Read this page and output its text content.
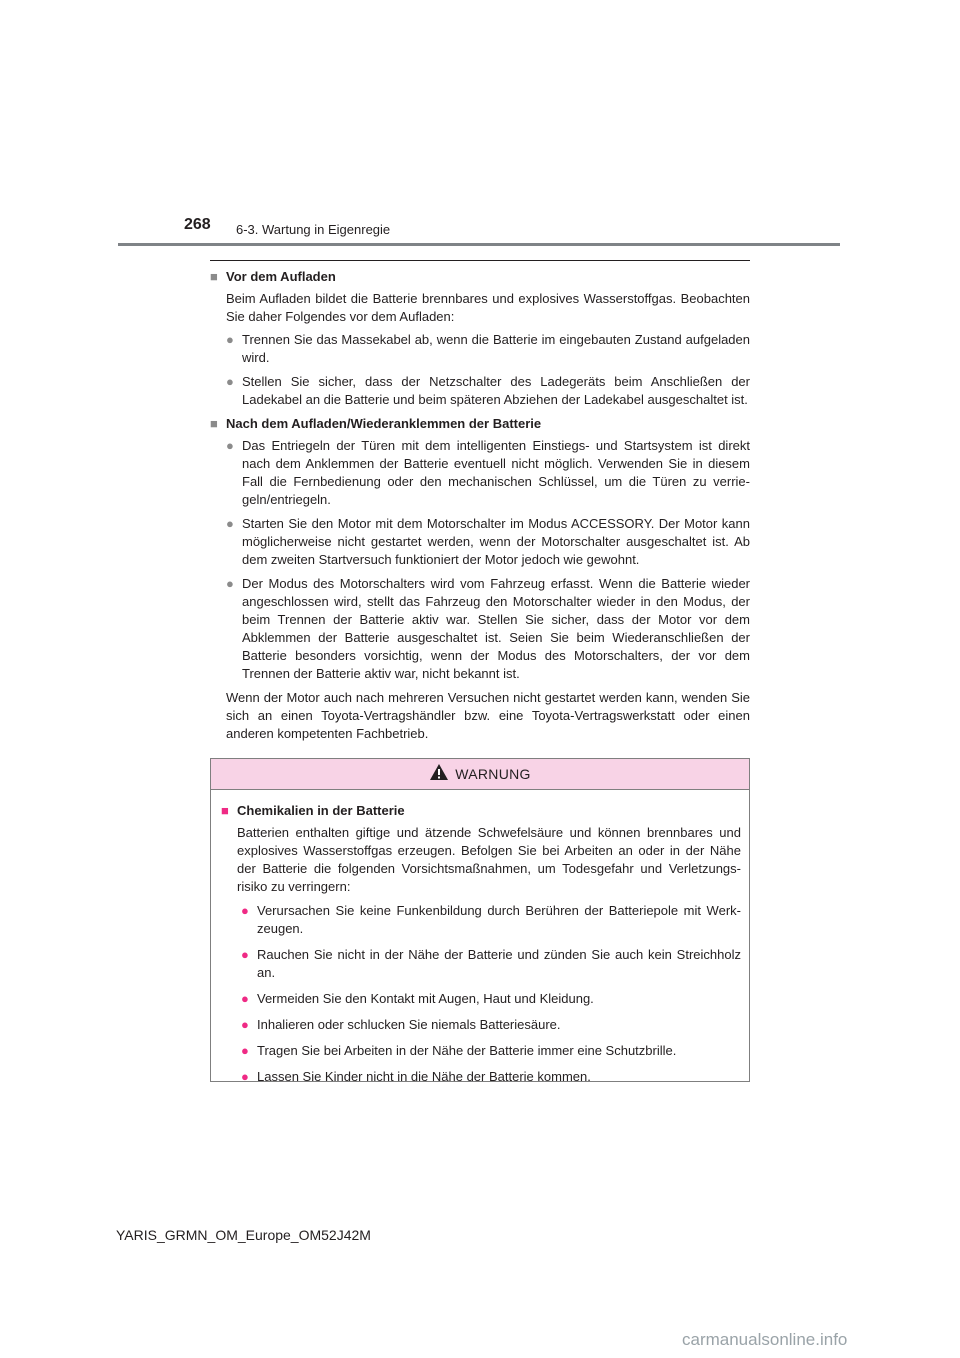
268 6-3. Wartung in Eigenregie
■ Vor dem Aufladen
Beim Aufladen bildet die Batterie brennbares und explosives Wasserstoffgas. Beobachten Sie daher Folgendes vor dem Aufladen:
● Trennen Sie das Massekabel ab, wenn die Batterie im eingebauten Zustand aufgeladen wird.
● Stellen Sie sicher, dass der Netzschalter des Ladegeräts beim Anschließen der Ladekabel an die Batterie und beim späteren Abziehen der Ladekabel ausgeschaltet ist.
■ Nach dem Aufladen/Wiederanklemmen der Batterie
● Das Entriegeln der Türen mit dem intelligenten Einstiegs- und Startsystem ist direkt nach dem Anklemmen der Batterie eventuell nicht möglich. Verwenden Sie in diesem Fall die Fernbedienung oder den mechanischen Schlüssel, um die Türen zu verriegeln/entriegeln.
● Starten Sie den Motor mit dem Motorschalter im Modus ACCESSORY. Der Motor kann möglicherweise nicht gestartet werden, wenn der Motorschalter ausgeschaltet ist. Ab dem zweiten Startversuch funktioniert der Motor jedoch wie gewohnt.
● Der Modus des Motorschalters wird vom Fahrzeug erfasst. Wenn die Batterie wieder angeschlossen wird, stellt das Fahrzeug den Motorschalter wieder in den Modus, der beim Trennen der Batterie aktiv war. Stellen Sie sicher, dass der Motor vor dem Abklemmen der Batterie ausgeschaltet ist. Seien Sie beim Wiederanschließen der Batterie besonders vorsichtig, wenn der Modus des Motorschalters, der vor dem Trennen der Batterie aktiv war, nicht bekannt ist.
Wenn der Motor auch nach mehreren Versuchen nicht gestartet werden kann, wenden Sie sich an einen Toyota-Vertragshändler bzw. eine Toyota-Vertragswerkstatt oder einen anderen kompetenten Fachbetrieb.
WARNUNG
■ Chemikalien in der Batterie
Batterien enthalten giftige und ätzende Schwefelsäure und können brennbares und explosives Wasserstoffgas erzeugen. Befolgen Sie bei Arbeiten an oder in der Nähe der Batterie die folgenden Vorsichtsmaßnahmen, um Todesgefahr und Verletzungsrisiko zu verringern:
● Verursachen Sie keine Funkenbildung durch Berühren der Batteriepole mit Werkzeugen.
● Rauchen Sie nicht in der Nähe der Batterie und zünden Sie auch kein Streichholz an.
● Vermeiden Sie den Kontakt mit Augen, Haut und Kleidung.
● Inhalieren oder schlucken Sie niemals Batteriesäure.
● Tragen Sie bei Arbeiten in der Nähe der Batterie immer eine Schutzbrille.
● Lassen Sie Kinder nicht in die Nähe der Batterie kommen.
YARIS_GRMN_OM_Europe_OM52J42M
carmanualsonline.info
